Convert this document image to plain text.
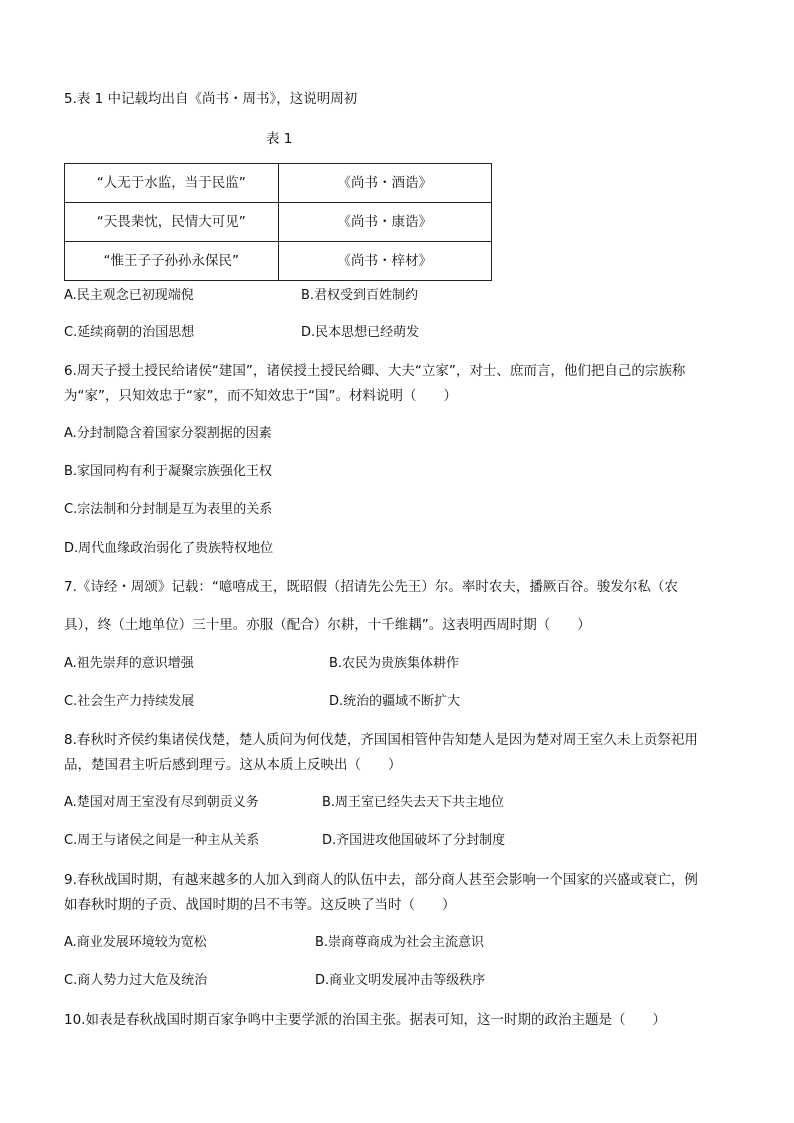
5.表 1 中记载均出自《尚书・周书》，这说明周初
表 1
“人无于水监，当于民监”	《尚书・酒诰》
“天畏棐忱，民情大可见”	《尚书・康诰》
“惟王子子孙孙永保民”	《尚书・梓材》
A.民主观念已初现端倪	B.君权受到百姓制约
C.延续商朝的治国思想	D.民本思想已经萌发
6.周天子授土授民给诸侯“建国”，诸侯授土授民给卿、大夫“立家”，对士、庶而言，他们把自己的宗族称
为“家”，只知效忠于“家”，而不知效忠于“国”。材料说明（　　）
A.分封制隐含着国家分裂割据的因素
B.家国同构有利于凝聚宗族强化王权
C.宗法制和分封制是互为表里的关系
D.周代血缘政治弱化了贵族特权地位
7.《诗经・周颂》记载：“噫嘻成王，既昭假（招请先公先王）尔。率时农夫，播厥百谷。骏发尔私（农
具），终（土地单位）三十里。亦服（配合）尔耕，十千维耦”。这表明西周时期（　　）
A.祖先崇拜的意识增强	B.农民为贵族集体耕作
C.社会生产力持续发展	D.统治的疆域不断扩大
8.春秋时齐侯约集诸侯伐楚，楚人质问为何伐楚，齐国国相管仲告知楚人是因为楚对周王室久未上贡祭祀用
品，楚国君主听后感到理亏。这从本质上反映出（　　）
A.楚国对周王室没有尽到朝贡义务	B.周王室已经失去天下共主地位
C.周王与诸侯之间是一种主从关系	D.齐国进攻他国破坏了分封制度
9.春秋战国时期，有越来越多的人加入到商人的队伍中去，部分商人甚至会影响一个国家的兴盛或衰亡，例
如春秋时期的子贡、战国时期的吕不韦等。这反映了当时（　　）
A.商业发展环境较为宽松	B.崇商尊商成为社会主流意识
C.商人势力过大危及统治	D.商业文明发展冲击等级秩序
10.如表是春秋战国时期百家争鸣中主要学派的治国主张。据表可知，这一时期的政治主题是（　　）
